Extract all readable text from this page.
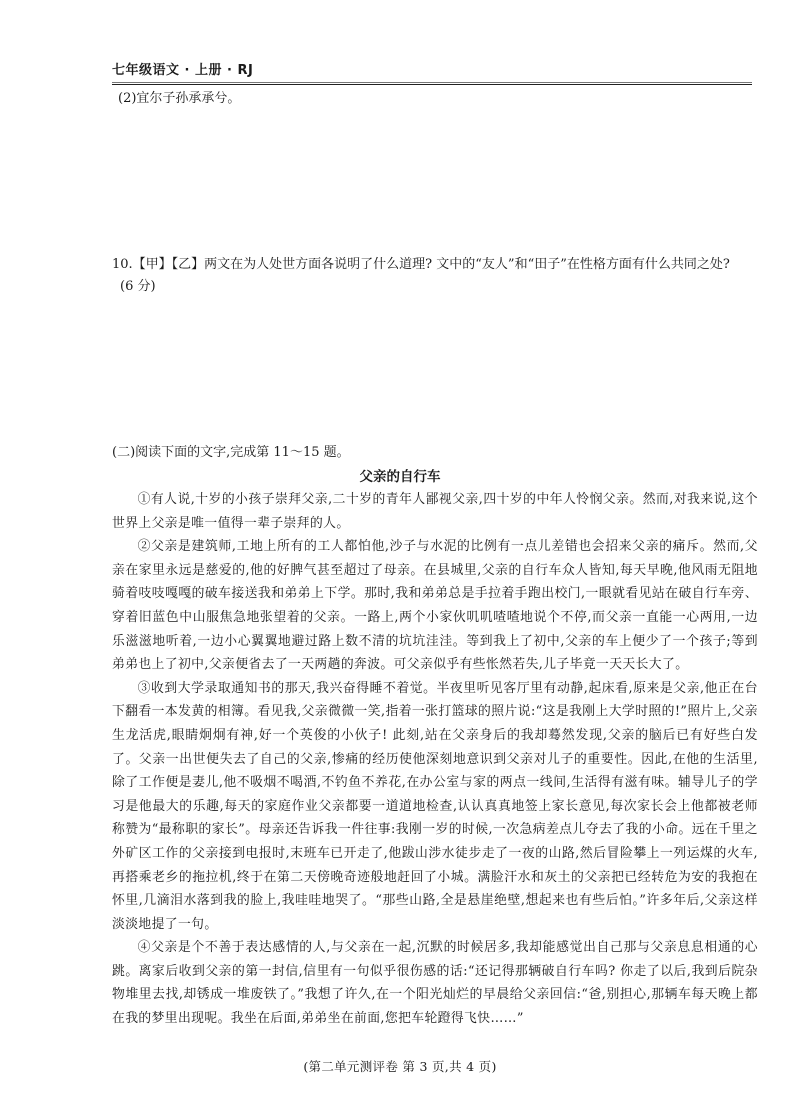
七年级语文 · 上册 · RJ
(2)宜尔子孙承承兮。
10.【甲】【乙】两文在为人处世方面各说明了什么道理? 文中的“友人”和“田子”在性格方面有什么共同之处?
(6 分)
(二)阅读下面的文字,完成第 11～15 题。
父亲的自行车

①有人说,十岁的小孩子崇拜父亲,二十岁的青年人鄙视父亲,四十岁的中年人怜悯父亲。然而,对我来说,这个世界上父亲是唯一值得一辈子崇拜的人。

②父亲是建筑师,工地上所有的工人都怕他,沙子与水泥的比例有一点儿差错也会招来父亲的痛斥。然而,父亲在家里永远是慈爱的,他的好脾气甚至超过了母亲。在县城里,父亲的自行车众人皆知,每天早晚,他风雨无阻地骑着吱吱嘎嘎的破车接送我和弟弟上下学。那时,我和弟弟总是手拉着手跑出校门,一眼就看见站在破自行车旁、穿着旧蓝色中山服焦急地张望着的父亲。一路上,两个小家伙叽叽喳喳地说个不停,而父亲一直能一心两用,一边乐滋滋地听着,一边小心翼翼地避过路上数不清的坑坑洼洼。等到我上了初中,父亲的车上便少了一个孩子;等到弟弟也上了初中,父亲便省去了一天两趟的奔波。可父亲似乎有些怅然若失,儿子毕竟一天天长大了。

③收到大学录取通知书的那天,我兴奋得睡不着觉。半夜里听见客厅里有动静,起床看,原来是父亲,他正在台下翻看一本发黄的相簿。看见我,父亲微微一笑,指着一张打篮球的照片说:“这是我刚上大学时照的!”照片上,父亲生龙活虎,眼睛炯炯有神,好一个英俊的小伙子! 此刻,站在父亲身后的我却蓦然发现,父亲的脑后已有好些白发了。父亲一出世便失去了自己的父亲,惨痛的经历使他深刻地意识到父亲对儿子的重要性。因此,在他的生活里,除了工作便是妻儿,他不吸烟不喝酒,不钓鱼不养花,在办公室与家的两点一线间,生活得有滋有味。辅导儿子的学习是他最大的乐趣,每天的家庭作业父亲都要一道道地检查,认认真真地签上家长意见,每次家长会上他都被老师称赞为“最称职的家长”。母亲还告诉我一件往事:我刚一岁的时候,一次急病差点儿夺去了我的小命。远在千里之外矿区工作的父亲接到电报时,末班车已开走了,他跋山涉水徒步走了一夜的山路,然后冒险攀上一列运煤的火车,再搭乘老乡的拖拉机,终于在第二天傍晚奇迹般地赶回了小城。满脸汗水和灰土的父亲把已经转危为安的我抱在怀里,几滴泪水落到我的脸上,我哇哇地哭了。“那些山路,全是悬崖绝壁,想起来也有些后怕。”许多年后,父亲这样淡淡地提了一句。

④父亲是个不善于表达感情的人,与父亲在一起,沉默的时候居多,我却能感觉出自己那与父亲息息相通的心跳。离家后收到父亲的第一封信,信里有一句似乎很伤感的话:“还记得那辆破自行车吗? 你走了以后,我到后院杂物堆里去找,却锈成一堆废铁了。”我想了许久,在一个阳光灿烂的早晨给父亲回信:“爸,别担心,那辆车每天晚上都在我的梦里出现呢。我坐在后面,弟弟坐在前面,您把车轮蹬得飞快……”

(第二单元测评卷 第 3 页,共 4 页)
